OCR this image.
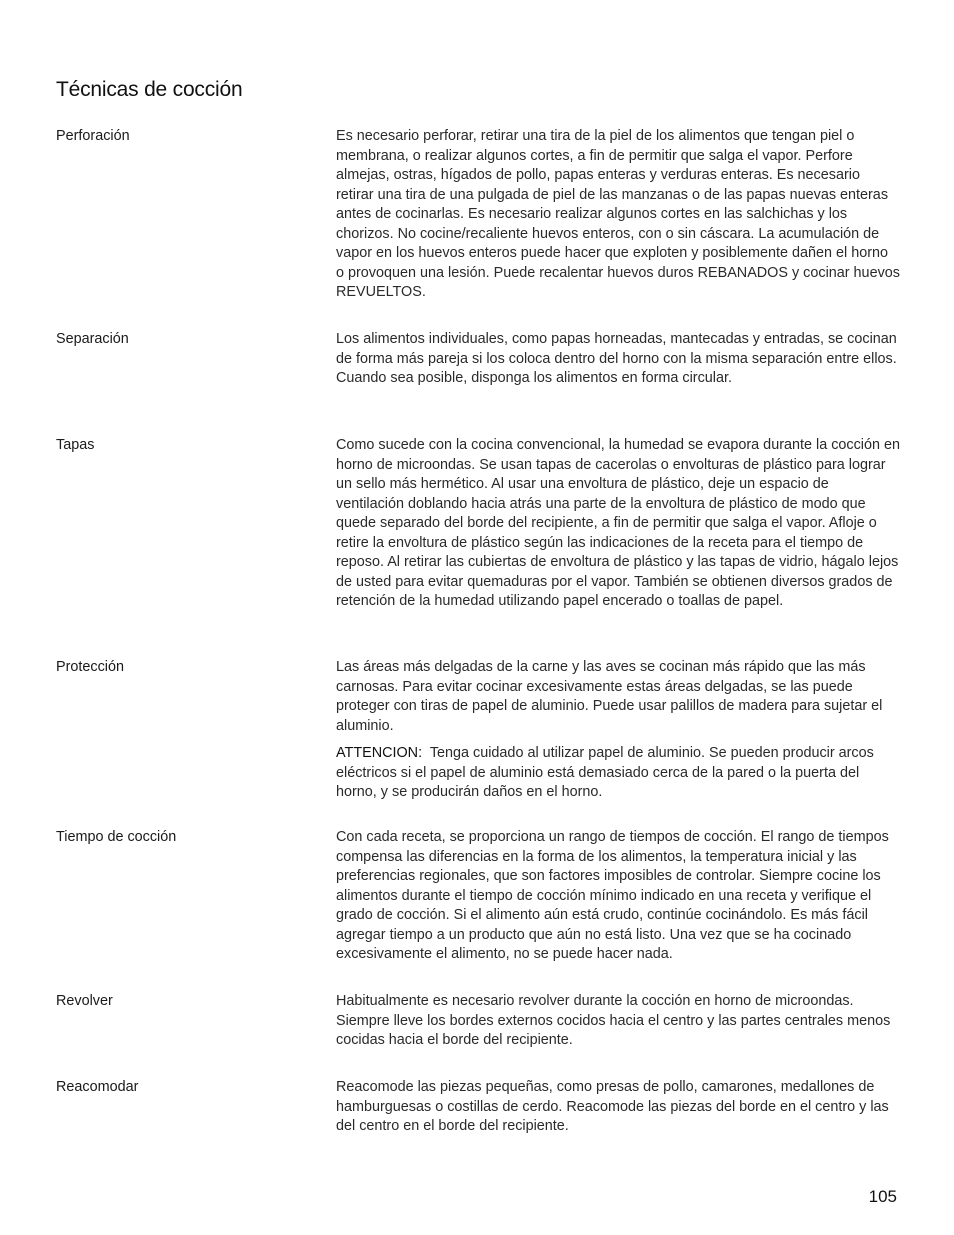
Técnicas de cocción
Perforación	Es necesario perforar, retirar una tira de la piel de los alimentos que tengan piel o membrana, o realizar algunos cortes, a fin de permitir que salga el vapor. Perfore almejas, ostras, hígados de pollo, papas enteras y verduras enteras. Es necesario retirar una tira de una pulgada de piel de las manzanas o de las papas nuevas enteras antes de cocinarlas. Es necesario realizar algunos cortes en las salchichas y los chorizos. No cocine/recaliente huevos enteros, con o sin cáscara. La acumulación de vapor en los huevos enteros puede hacer que exploten y posiblemente dañen el horno o provoquen una lesión. Puede recalentar huevos duros REBANADOS y cocinar huevos REVUELTOS.

Separación	Los alimentos individuales, como papas horneadas, mantecadas y entradas, se cocinan de forma más pareja si los coloca dentro del horno con la misma separación entre ellos. Cuando sea posible, disponga los alimentos en forma circular.

Tapas	Como sucede con la cocina convencional, la humedad se evapora durante la cocción en horno de microondas. Se usan tapas de cacerolas o envolturas de plástico para lograr un sello más hermético. Al usar una envoltura de plástico, deje un espacio de ventilación doblando hacia atrás una parte de la envoltura de plástico de modo que quede separado del borde del recipiente, a fin de permitir que salga el vapor. Afloje o retire la envoltura de plástico según las indicaciones de la receta para el tiempo de reposo. Al retirar las cubiertas de envoltura de plástico y las tapas de vidrio, hágalo lejos de usted para evitar quemaduras por el vapor. También se obtienen diversos grados de retención de la humedad utilizando papel encerado o toallas de papel.

Protección	Las áreas más delgadas de la carne y las aves se cocinan más rápido que las más carnosas. Para evitar cocinar excesivamente estas áreas delgadas, se las puede proteger con tiras de papel de aluminio. Puede usar palillos de madera para sujetar el aluminio.

ATTENCION: Tenga cuidado al utilizar papel de aluminio. Se pueden producir arcos eléctricos si el papel de aluminio está demasiado cerca de la pared o la puerta del horno, y se producirán daños en el horno.

Tiempo de cocción	Con cada receta, se proporciona un rango de tiempos de cocción. El rango de tiempos compensa las diferencias en la forma de los alimentos, la temperatura inicial y las preferencias regionales, que son factores imposibles de controlar. Siempre cocine los alimentos durante el tiempo de cocción mínimo indicado en una receta y verifique el grado de cocción. Si el alimento aún está crudo, continúe cocinándolo. Es más fácil agregar tiempo a un producto que aún no está listo. Una vez que se ha cocinado excesivamente el alimento, no se puede hacer nada.

Revolver	Habitualmente es necesario revolver durante la cocción en horno de microondas. Siempre lleve los bordes externos cocidos hacia el centro y las partes centrales menos cocidas hacia el borde del recipiente.

Reacomodar	Reacomode las piezas pequeñas, como presas de pollo, camarones, medallones de hamburguesas o costillas de cerdo. Reacomode las piezas del borde en el centro y las del centro en el borde del recipiente.

105
